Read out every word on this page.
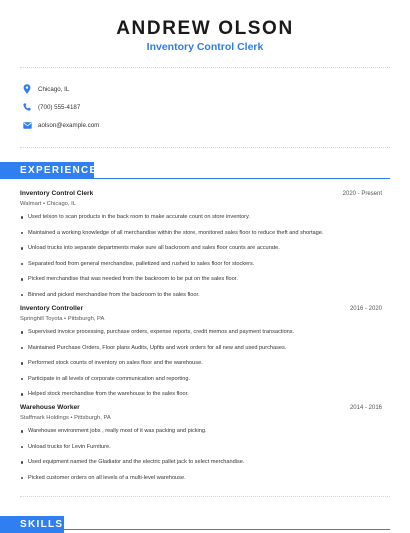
ANDREW OLSON
Inventory Control Clerk
Chicago, IL
(700) 555-4187
aolson@example.com
EXPERIENCE
Inventory Control Clerk	2020 - Present
Walmart • Chicago, IL
Used telxon to scan products in the back room to make accurate count on store inventory.
Maintained a working knowledge of all merchandise within the store, monitored sales floor to reduce theft and shortage.
Unload trucks into separate departments make sure all backroom and sales floor counts are accurate.
Separated food from general merchandise, palletized and rushed to sales floor for stockers.
Picked merchandise that was needed from the backroom to be put on the sales floor.
Binned and picked merchandise from the backroom to the sales floor.
Inventory Controller	2016 - 2020
Springhill Toyota • Pittsburgh, PA
Supervised invoice processing, purchase orders, expense reports, credit memos and payment transactions.
Maintained Purchase Orders, Floor plans Audits, Upfits and work orders for all new and used purchases.
Performed stock counts of inventory on sales floor and the warehouse.
Participate in all levels of corporate communication and reporting.
Helped stock merchandise from the warehouse to the sales floor.
Warehouse Worker	2014 - 2016
Staffmark Holdings • Pittsburgh, PA
Warehouse environment jobs , really most of it was packing and picking.
Unload trucks for Levin Furniture.
Used equipment named the Gladiator and the electric pallet jack to select merchandise.
Picked customer orders on all levels of a multi-level warehouse.
SKILLS
